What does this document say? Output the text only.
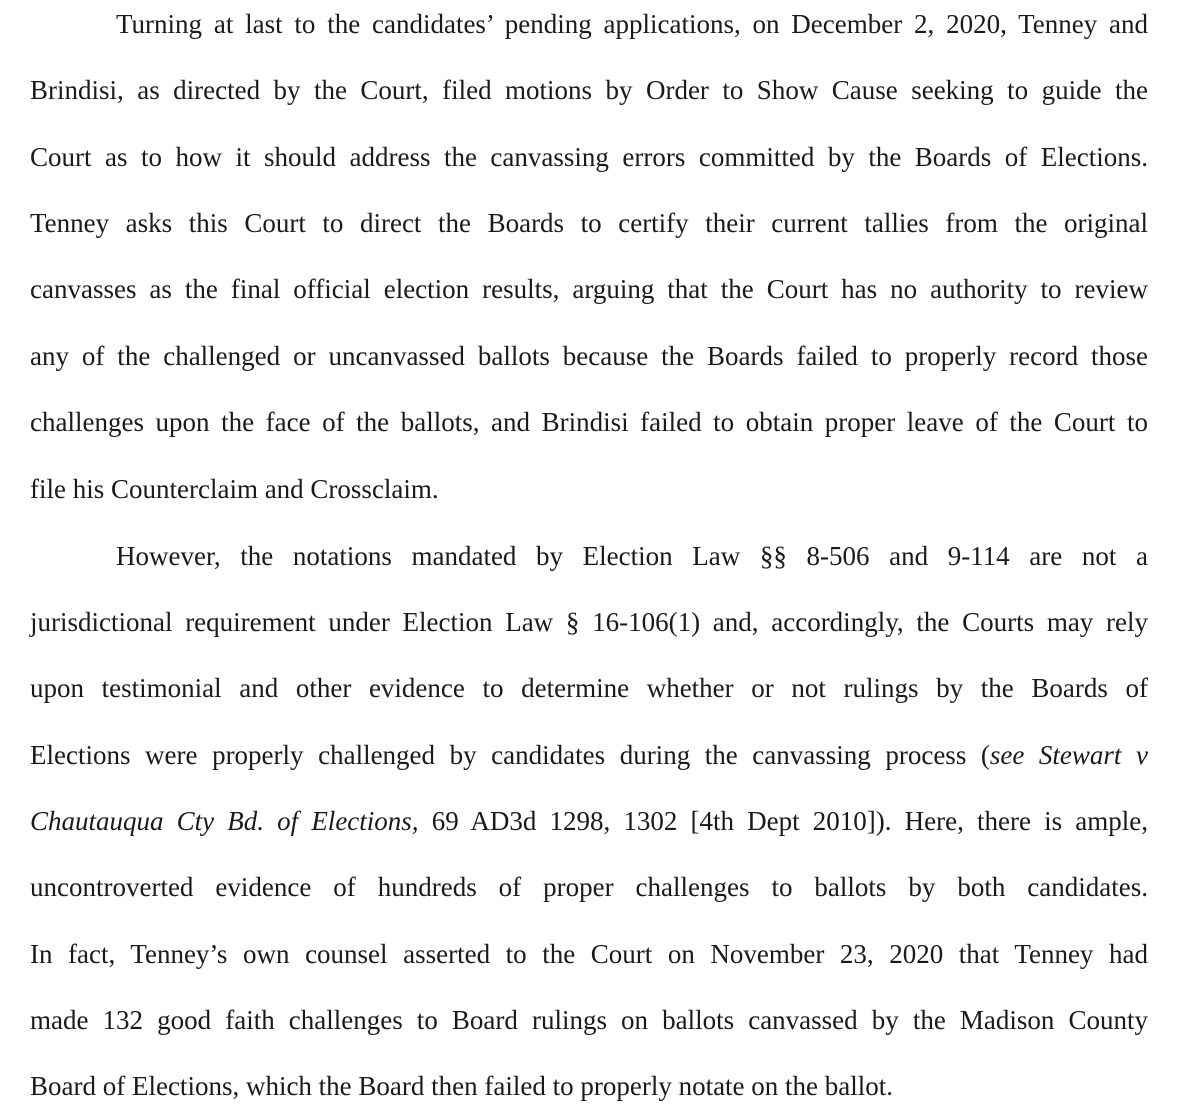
Turning at last to the candidates’ pending applications, on December 2, 2020, Tenney and
Brindisi, as directed by the Court, filed motions by Order to Show Cause seeking to guide the
Court as to how it should address the canvassing errors committed by the Boards of Elections.
Tenney asks this Court to direct the Boards to certify their current tallies from the original
canvasses as the final official election results, arguing that the Court has no authority to review
any of the challenged or uncanvassed ballots because the Boards failed to properly record those
challenges upon the face of the ballots, and Brindisi failed to obtain proper leave of the Court to
file his Counterclaim and Crossclaim.
However, the notations mandated by Election Law §§ 8-506 and 9-114 are not a
jurisdictional requirement under Election Law § 16-106(1) and, accordingly, the Courts may rely
upon testimonial and other evidence to determine whether or not rulings by the Boards of
Elections were properly challenged by candidates during the canvassing process (see Stewart v
Chautauqua Cty Bd. of Elections, 69 AD3d 1298, 1302 [4th Dept 2010]). Here, there is ample,
uncontroverted evidence of hundreds of proper challenges to ballots by both candidates.
In fact, Tenney’s own counsel asserted to the Court on November 23, 2020 that Tenney had
made 132 good faith challenges to Board rulings on ballots canvassed by the Madison County
Board of Elections, which the Board then failed to properly notate on the ballot.
